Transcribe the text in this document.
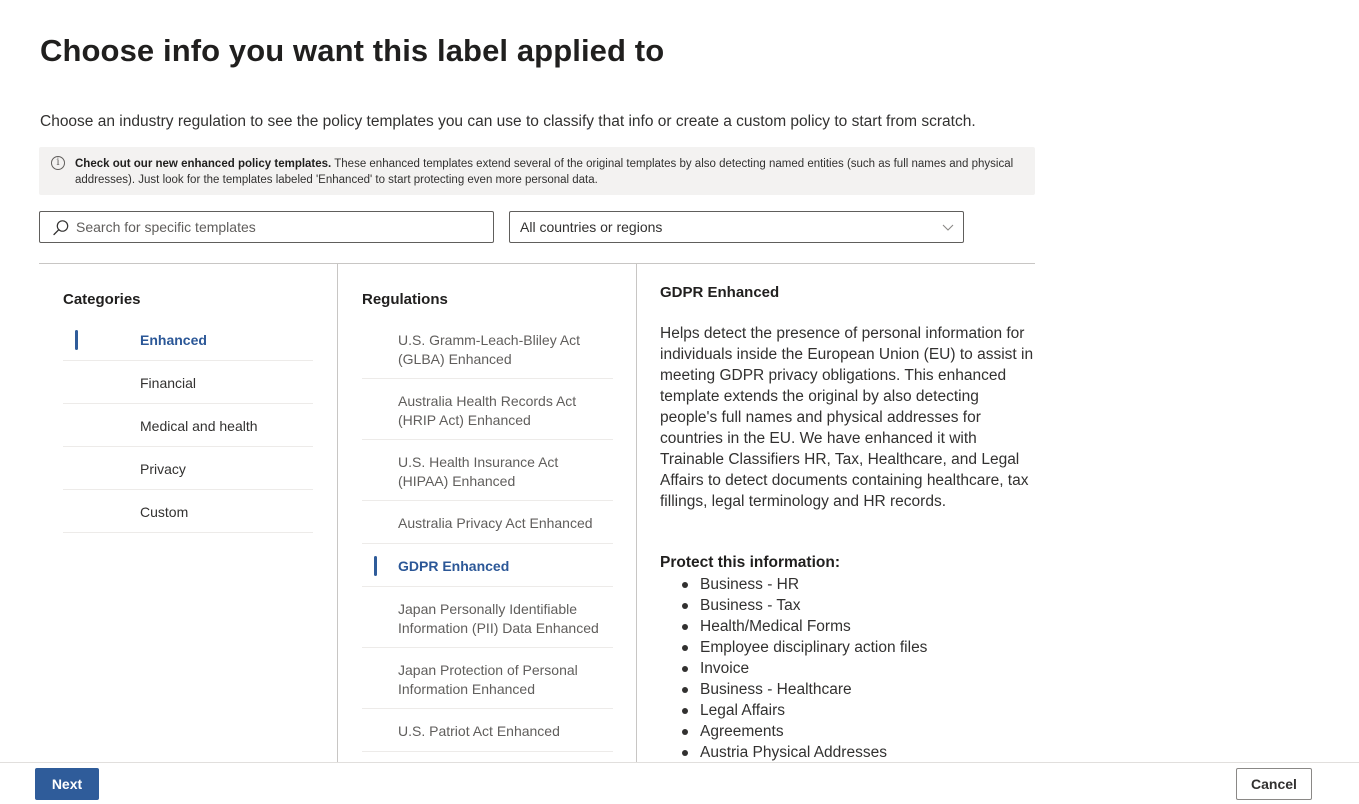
Choose info you want this label applied to

Choose an industry regulation to see the policy templates you can use to classify that info or create a custom policy to start from scratch.

i	Check out our new enhanced policy templates. These enhanced templates extend several of the original templates by also detecting named entities (such as full names and physical addresses). Just look for the templates labeled 'Enhanced' to start protecting even more personal data.
Search for specific templates
All countries or regions
Categories
Enhanced
Financial
Medical and health
Privacy
Custom
Regulations
U.S. Gramm-Leach-Bliley Act (GLBA) Enhanced
Australia Health Records Act (HRIP Act) Enhanced
U.S. Health Insurance Act (HIPAA) Enhanced
Australia Privacy Act Enhanced
GDPR Enhanced
Japan Personally Identifiable Information (PII) Data Enhanced
Japan Protection of Personal Information Enhanced
U.S. Patriot Act Enhanced
GDPR Enhanced

Helps detect the presence of personal information for individuals inside the European Union (EU) to assist in meeting GDPR privacy obligations. This enhanced template extends the original by also detecting people's full names and physical addresses for countries in the EU. We have enhanced it with Trainable Classifiers HR, Tax, Healthcare, and Legal Affairs to detect documents containing healthcare, tax fillings, legal terminology and HR records.

Protect this information:
Business - HR
Business - Tax
Health/Medical Forms
Employee disciplinary action files
Invoice
Business - Healthcare
Legal Affairs
Agreements
Austria Physical Addresses
Next	Cancel
